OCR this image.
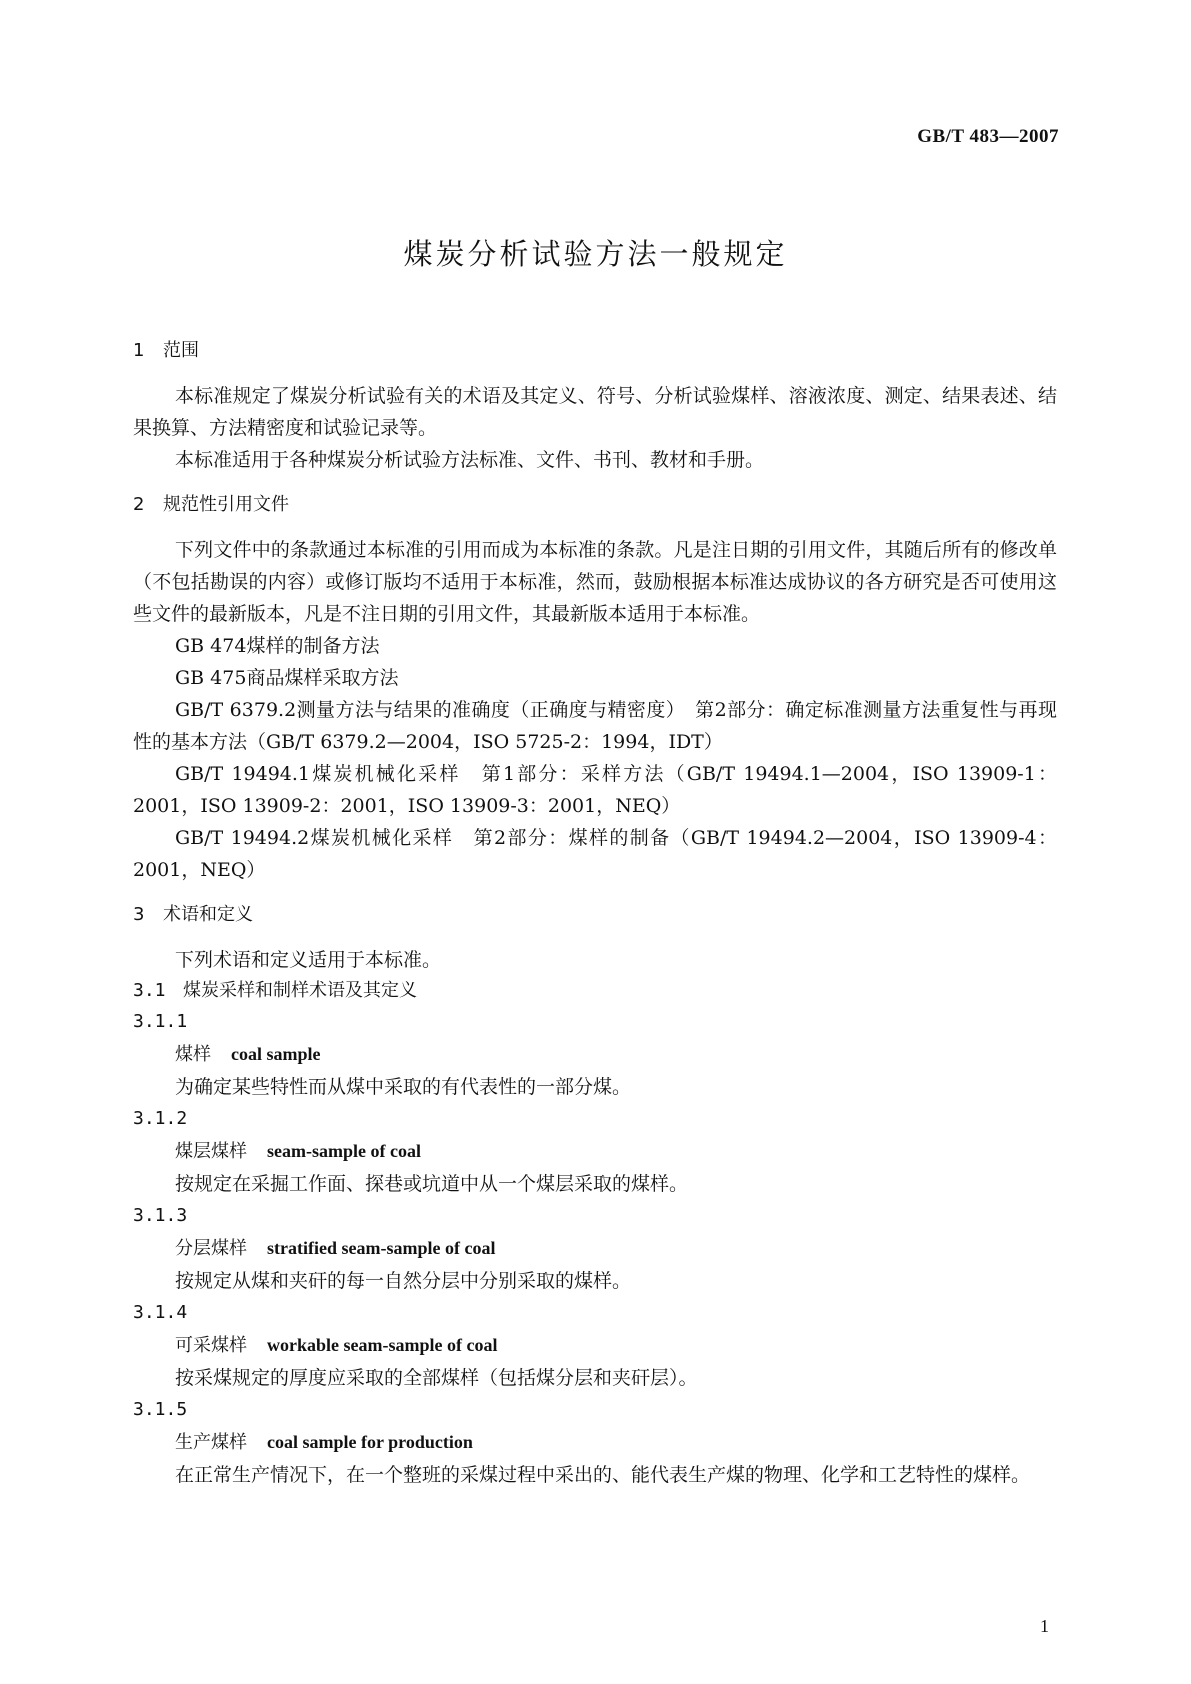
GB/T 483—2007
煤炭分析试验方法一般规定
1 范围

本标准规定了煤炭分析试验有关的术语及其定义、符号、分析试验煤样、溶液浓度、测定、结果表述、结果换算、方法精密度和试验记录等。

本标准适用于各种煤炭分析试验方法标准、文件、书刊、教材和手册。

2 规范性引用文件

下列文件中的条款通过本标准的引用而成为本标准的条款。凡是注日期的引用文件，其随后所有的修改单（不包括勘误的内容）或修订版均不适用于本标准，然而，鼓励根据本标准达成协议的各方研究是否可使用这些文件的最新版本，凡是不注日期的引用文件，其最新版本适用于本标准。

GB 474煤样的制备方法

GB 475商品煤样采取方法

GB/T 6379.2测量方法与结果的准确度（正确度与精密度）　第2部分：确定标准测量方法重复性与再现性的基本方法（GB/T 6379.2—2004，ISO 5725-2：1994，IDT）

GB/T 19494.1煤炭机械化采样　第1部分：采样方法（GB/T 19494.1—2004，ISO 13909-1：2001，ISO 13909-2：2001，ISO 13909-3：2001，NEQ）

GB/T 19494.2煤炭机械化采样　第2部分：煤样的制备（GB/T 19494.2—2004，ISO 13909-4：2001，NEQ）

3 术语和定义

下列术语和定义适用于本标准。

3.1 煤炭采样和制样术语及其定义
3.1.1
煤样 coal sample

为确定某些特性而从煤中采取的有代表性的一部分煤。

3.1.2
煤层煤样 seam-sample of coal

按规定在采掘工作面、探巷或坑道中从一个煤层采取的煤样。

3.1.3
分层煤样 stratified seam-sample of coal

按规定从煤和夹矸的每一自然分层中分别采取的煤样。

3.1.4
可采煤样 workable seam-sample of coal

按采煤规定的厚度应采取的全部煤样（包括煤分层和夹矸层）。

3.1.5
生产煤样 coal sample for production

在正常生产情况下，在一个整班的采煤过程中采出的、能代表生产煤的物理、化学和工艺特性的煤样。

1
